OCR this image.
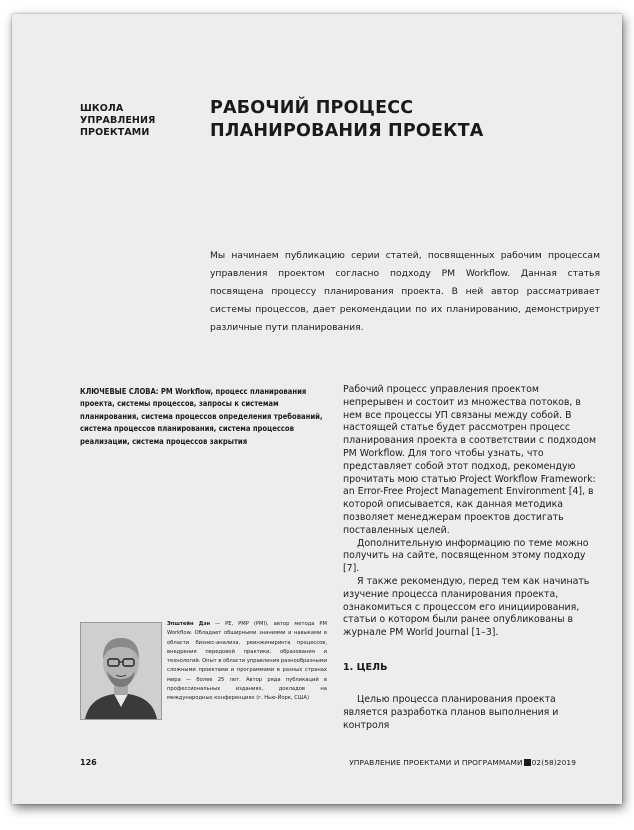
ШКОЛА УПРАВЛЕНИЯ ПРОЕКТАМИ
РАБОЧИЙ ПРОЦЕСС ПЛАНИРОВАНИЯ ПРОЕКТА
Мы начинаем публикацию серии статей, посвященных рабочим процессам управления проектом согласно подходу PM Workflow. Данная статья посвящена процессу планирования проекта. В ней автор рассматривает системы процессов, дает рекомендации по их планированию, демонстрирует различные пути планирования.
КЛЮЧЕВЫЕ СЛОВА: PM Workflow, процесс планирования проекта, системы процессов, запросы к системам планирования, система процессов определения требований, система процессов планирования, система процессов реализации, система процессов закрытия

Рабочий процесс управления проектом непрерывен и состоит из множества потоков, в нем все процессы УП связаны между собой. В настоящей статье будет рассмотрен процесс планирования проекта в соответствии с подходом PM Workflow. Для того чтобы узнать, что представляет собой этот подход, рекомендую прочитать мою статью Project Workflow Framework: an Error-Free Project Management Environment [4], в которой описывается, как данная методика позволяет менеджерам проектов достигать поставленных целей.

Дополнительную информацию по теме можно получить на сайте, посвященном этому подходу [7].

Я также рекомендую, перед тем как начинать изучение процесса планирования проекта, ознакомиться с процессом его инициирования, статьи о котором были ранее опубликованы в журнале PM World Journal [1–3].

1. ЦЕЛЬ
Целью процесса планирования проекта является разработка планов выполнения и контроля
Эпштейн Дэн — PE, PMP (PMI), автор метода PM Workflow. Обладает обширными знаниями и навыками в области бизнес-анализа, реинжиниринга процессов, внедрения передовой практики, образования и технологий. Опыт в области управления разнообразными сложными проектами и программами в разных странах мира — более 25 лет. Автор ряда публикаций в профессиональных изданиях, докладов на международных конференциях (г. Нью-Йорк, США)
126	УПРАВЛЕНИЕ ПРОЕКТАМИ И ПРОГРАММАМИ 02(58)2019
